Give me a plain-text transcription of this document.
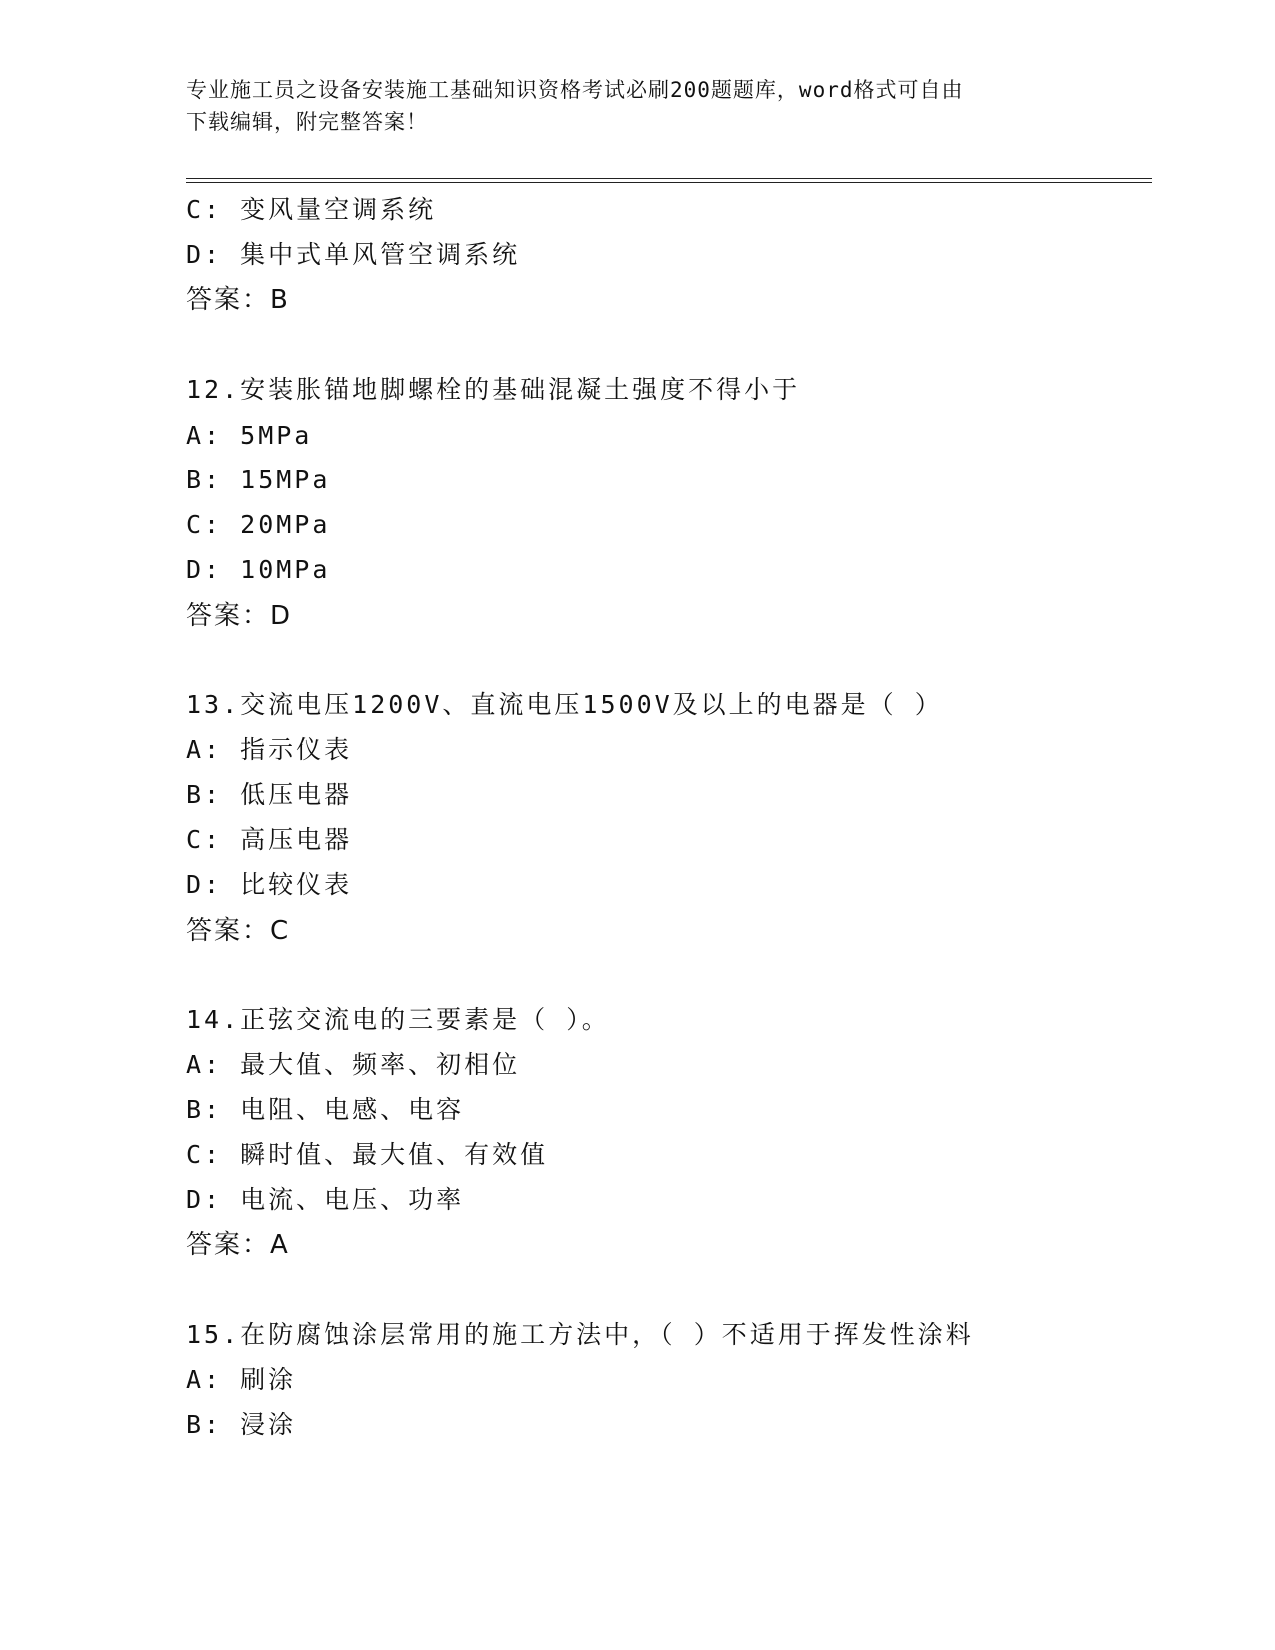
专业施工员之设备安装施工基础知识资格考试必刷200题题库，word格式可自由

下载编辑，附完整答案！

C: 变风量空调系统
D: 集中式单风管空调系统
答案：B
12.安装胀锚地脚螺栓的基础混凝土强度不得小于
A: 5MPa
B: 15MPa
C: 20MPa
D: 10MPa
答案：D
13.交流电压1200V、直流电压1500V及以上的电器是（ ）
A: 指示仪表
B: 低压电器
C: 高压电器
D: 比较仪表
答案：C
14.正弦交流电的三要素是（ ）。
A: 最大值、频率、初相位
B: 电阻、电感、电容
C: 瞬时值、最大值、有效值
D: 电流、电压、功率
答案：A
15.在防腐蚀涂层常用的施工方法中，（ ）不适用于挥发性涂料
A: 刷涂
B: 浸涂
